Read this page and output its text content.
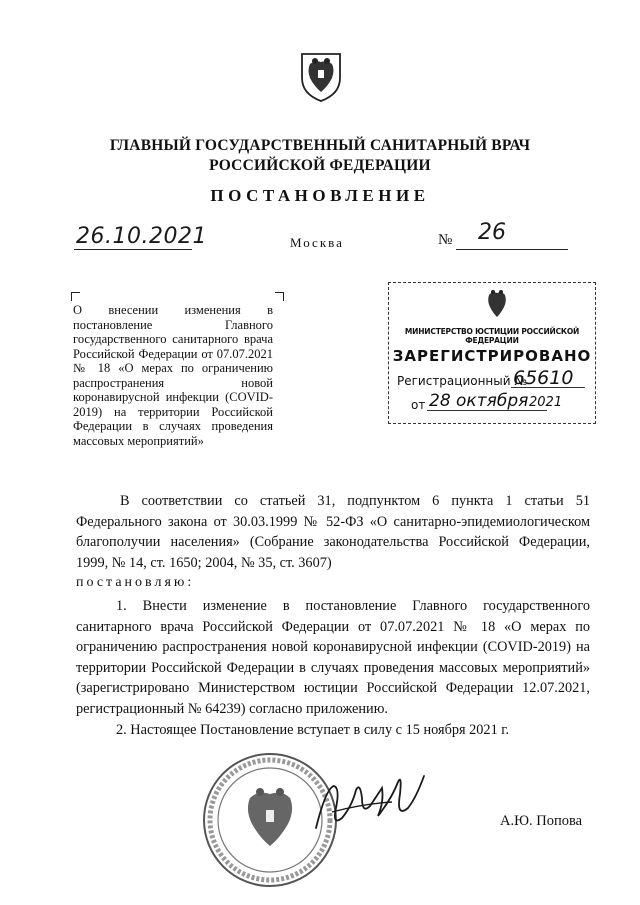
ГЛАВНЫЙ ГОСУДАРСТВЕННЫЙ САНИТАРНЫЙ ВРАЧ
РОССИЙСКОЙ ФЕДЕРАЦИИ
ПОСТАНОВЛЕНИЕ
26.10.2021	Москва	№ 26
О внесении изменения в постановление Главного государственного санитарного врача Российской Федерации от 07.07.2021 № 18 «О мерах по ограничению распространения новой коронавирусной инфекции (COVID-2019) на территории Российской Федерации в случаях проведения массовых мероприятий»
МИНИСТЕРСТВО ЮСТИЦИИ РОССИЙСКОЙ ФЕДЕРАЦИИ
ЗАРЕГИСТРИРОВАНО
Регистрационный №
65610
от 28 октября 2021
В соответствии со статьей 31, подпунктом 6 пункта 1 статьи 51 Федерального закона от 30.03.1999 № 52-ФЗ «О санитарно-эпидемиологическом благополучии населения» (Собрание законодательства Российской Федерации, 1999, № 14, ст. 1650; 2004, № 35, ст. 3607)
постановляю:
1. Внести изменение в постановление Главного государственного санитарного врача Российской Федерации от 07.07.2021 № 18 «О мерах по ограничению распространения новой коронавирусной инфекции (COVID-2019) на территории Российской Федерации в случаях проведения массовых мероприятий» (зарегистрировано Министерством юстиции Российской Федерации 12.07.2021, регистрационный № 64239) согласно приложению.
2. Настоящее Постановление вступает в силу с 15 ноября 2021 г.
А.Ю. Попова
